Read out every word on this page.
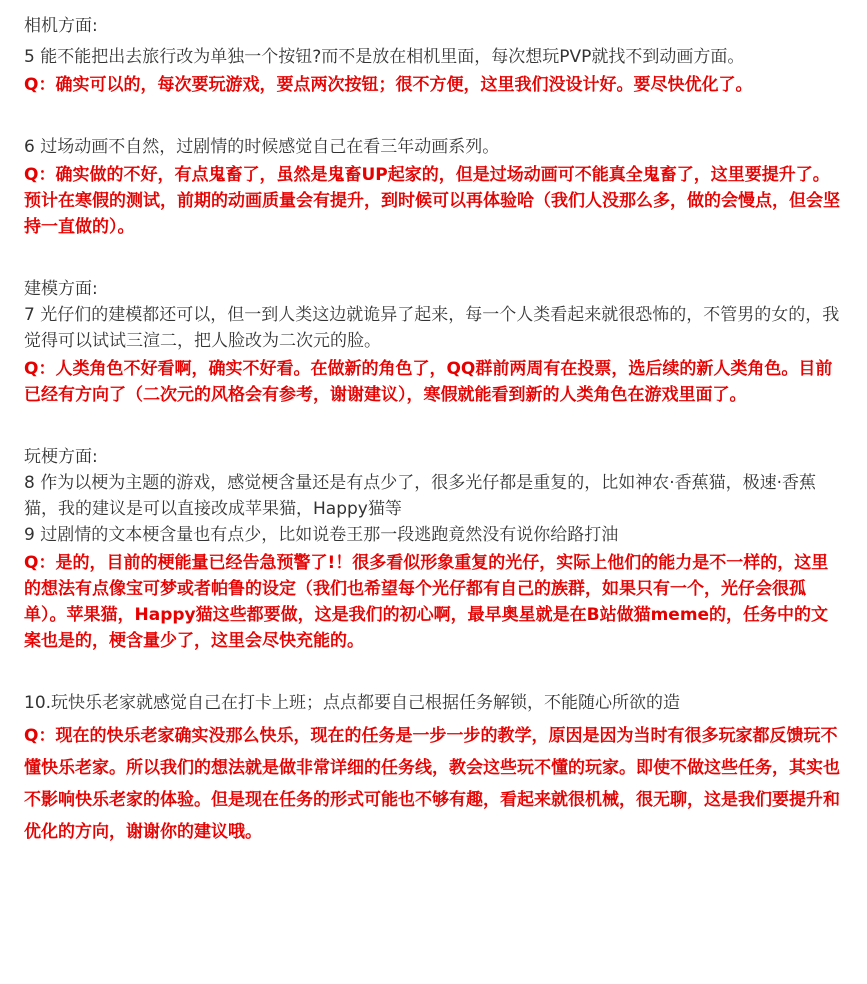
相机方面:

5 能不能把出去旅行改为单独一个按钮?而不是放在相机里面，每次想玩PVP就找不到动画方面。

Q：确实可以的，每次要玩游戏，要点两次按钮；很不方便，这里我们没设计好。要尽快优化了。

6 过场动画不自然，过剧情的时候感觉自己在看三年动画系列。

Q：确实做的不好，有点鬼畜了，虽然是鬼畜UP起家的，但是过场动画可不能真全鬼畜了，这里要提升了。预计在寒假的测试，前期的动画质量会有提升，到时候可以再体验哈（我们人没那么多，做的会慢点，但会坚持一直做的）。

建模方面:

7 光仔们的建模都还可以，但一到人类这边就诡异了起来，每一个人类看起来就很恐怖的，不管男的女的，我觉得可以试试三渲二，把人脸改为二次元的脸。

Q：人类角色不好看啊，确实不好看。在做新的角色了，QQ群前两周有在投票，选后续的新人类角色。目前已经有方向了（二次元的风格会有参考，谢谢建议），寒假就能看到新的人类角色在游戏里面了。

玩梗方面:

8 作为以梗为主题的游戏，感觉梗含量还是有点少了，很多光仔都是重复的，比如神农·香蕉猫，极速·香蕉猫，我的建议是可以直接改成苹果猫，Happy猫等

9 过剧情的文本梗含量也有点少，比如说卷王那一段逃跑竟然没有说你给路打油

Q：是的，目前的梗能量已经告急预警了!！很多看似形象重复的光仔，实际上他们的能力是不一样的，这里的想法有点像宝可梦或者帕鲁的设定（我们也希望每个光仔都有自己的族群，如果只有一个，光仔会很孤单）。苹果猫，Happy猫这些都要做，这是我们的初心啊，最早奥星就是在B站做猫meme的，任务中的文案也是的，梗含量少了，这里会尽快充能的。

10.玩快乐老家就感觉自己在打卡上班；点点都要自己根据任务解锁，不能随心所欲的造

Q：现在的快乐老家确实没那么快乐，现在的任务是一步一步的教学，原因是因为当时有很多玩家都反馈玩不懂快乐老家。所以我们的想法就是做非常详细的任务线，教会这些玩不懂的玩家。即使不做这些任务，其实也不影响快乐老家的体验。但是现在任务的形式可能也不够有趣，看起来就很机械，很无聊，这是我们要提升和优化的方向，谢谢你的建议哦。
